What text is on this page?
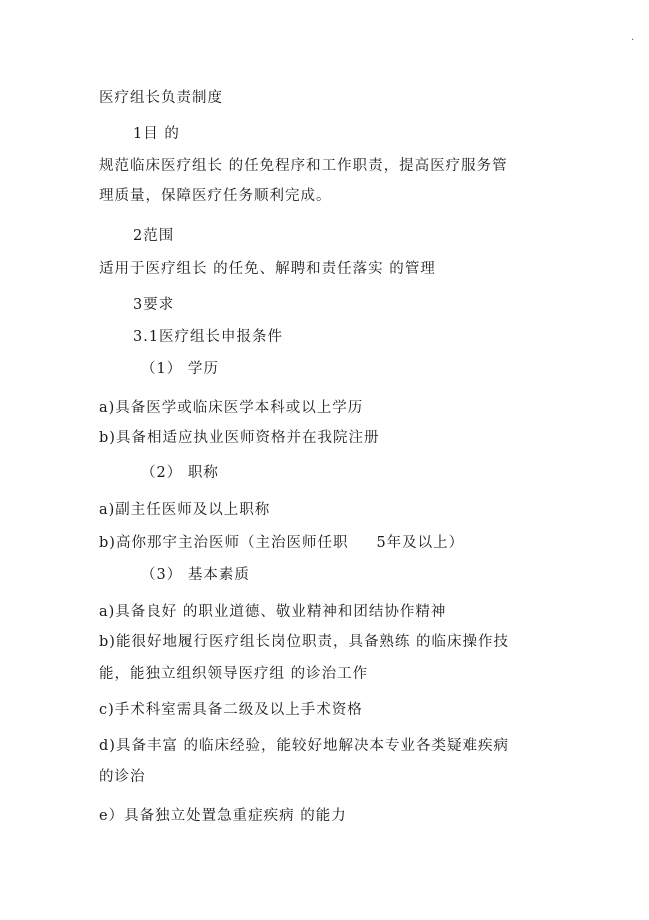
.
医疗组长负责制度
1目 的
规范临床医疗组长 的任免程序和工作职责，提高医疗服务管
理质量，保障医疗任务顺利完成。
2范围
适用于医疗组长 的任免、解聘和责任落实 的管理
3要求
3.1医疗组长申报条件
（1） 学历
a)具备医学或临床医学本科或以上学历
b)具备相适应执业医师资格并在我院注册
（2） 职称
a)副主任医师及以上职称
b)高你那宇主治医师（主治医师任职 5年及以上）
（3） 基本素质
a)具备良好 的职业道德、敬业精神和团结协作精神
b)能很好地履行医疗组长岗位职责，具备熟练 的临床操作技
能，能独立组织领导医疗组 的诊治工作
c)手术科室需具备二级及以上手术资格
d)具备丰富 的临床经验，能较好地解决本专业各类疑难疾病
的诊治
e）具备独立处置急重症疾病 的能力
